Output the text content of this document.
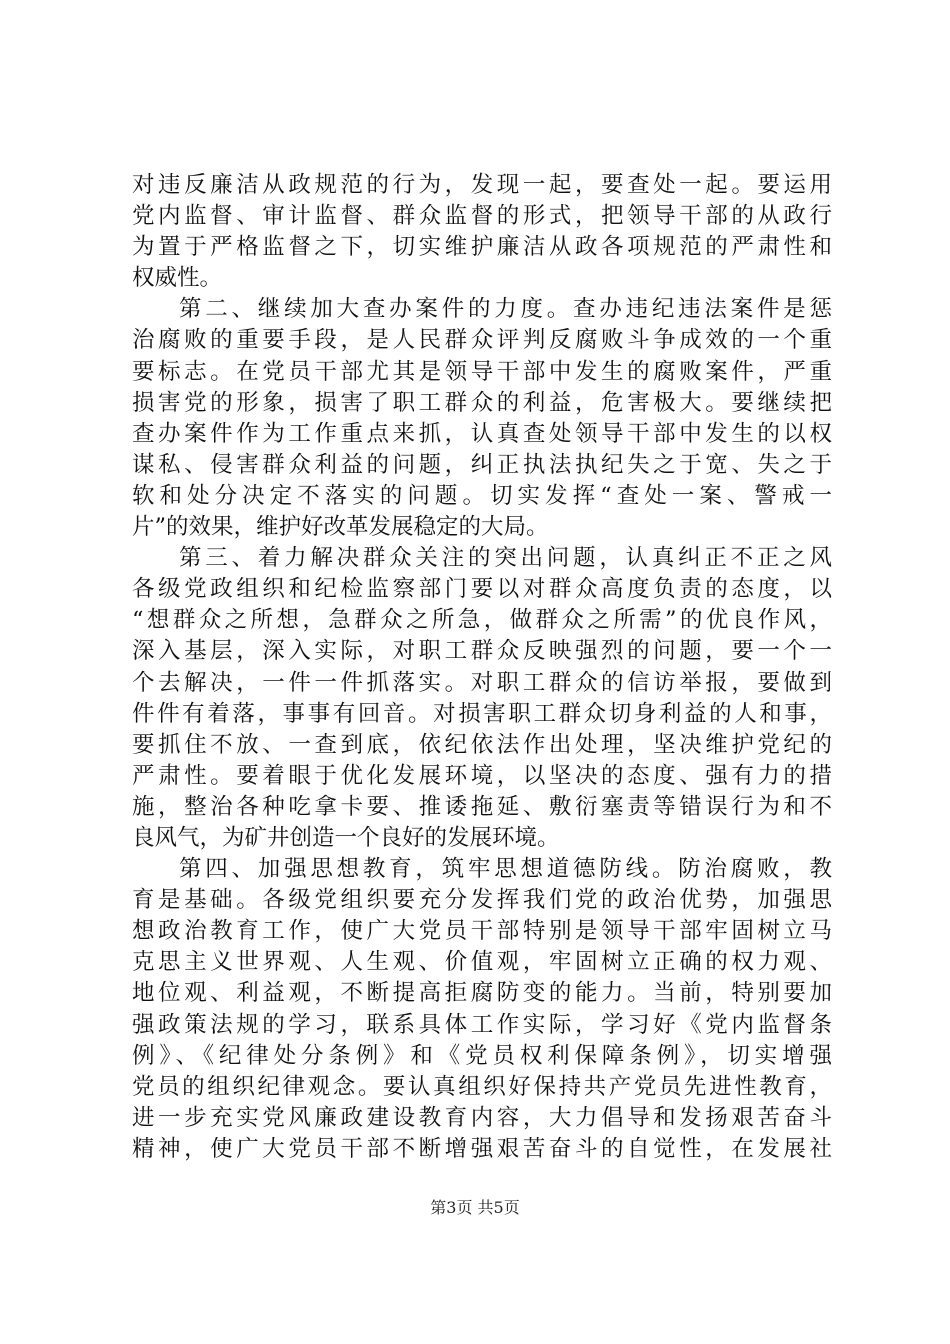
对违反廉洁从政规范的行为，发现一起，要查处一起。要运用
党内监督、审计监督、群众监督的形式，把领导干部的从政行
为置于严格监督之下，切实维护廉洁从政各项规范的严肃性和
权威性。
第二、继续加大查办案件的力度。查办违纪违法案件是惩
治腐败的重要手段，是人民群众评判反腐败斗争成效的一个重
要标志。在党员干部尤其是领导干部中发生的腐败案件，严重
损害党的形象，损害了职工群众的利益，危害极大。要继续把
查办案件作为工作重点来抓，认真查处领导干部中发生的以权
谋私、侵害群众利益的问题，纠正执法执纪失之于宽、失之于
软和处分决定不落实的问题。切实发挥“查处一案、警戒一
片”的效果，维护好改革发展稳定的大局。
第三、着力解决群众关注的突出问题，认真纠正不正之风
各级党政组织和纪检监察部门要以对群众高度负责的态度，以
“想群众之所想，急群众之所急，做群众之所需”的优良作风，
深入基层，深入实际，对职工群众反映强烈的问题，要一个一
个去解决，一件一件抓落实。对职工群众的信访举报，要做到
件件有着落，事事有回音。对损害职工群众切身利益的人和事，
要抓住不放、一查到底，依纪依法作出处理，坚决维护党纪的
严肃性。要着眼于优化发展环境，以坚决的态度、强有力的措
施，整治各种吃拿卡要、推诿拖延、敷衍塞责等错误行为和不
良风气，为矿井创造一个良好的发展环境。
第四、加强思想教育，筑牢思想道德防线。防治腐败，教
育是基础。各级党组织要充分发挥我们党的政治优势，加强思
想政治教育工作，使广大党员干部特别是领导干部牢固树立马
克思主义世界观、人生观、价值观，牢固树立正确的权力观、
地位观、利益观，不断提高拒腐防变的能力。当前，特别要加
强政策法规的学习，联系具体工作实际，学习好《党内监督条
例》、《纪律处分条例》和《党员权利保障条例》，切实增强
党员的组织纪律观念。要认真组织好保持共产党员先进性教育，
进一步充实党风廉政建设教育内容，大力倡导和发扬艰苦奋斗
精神，使广大党员干部不断增强艰苦奋斗的自觉性，在发展社
第3页 共5页
